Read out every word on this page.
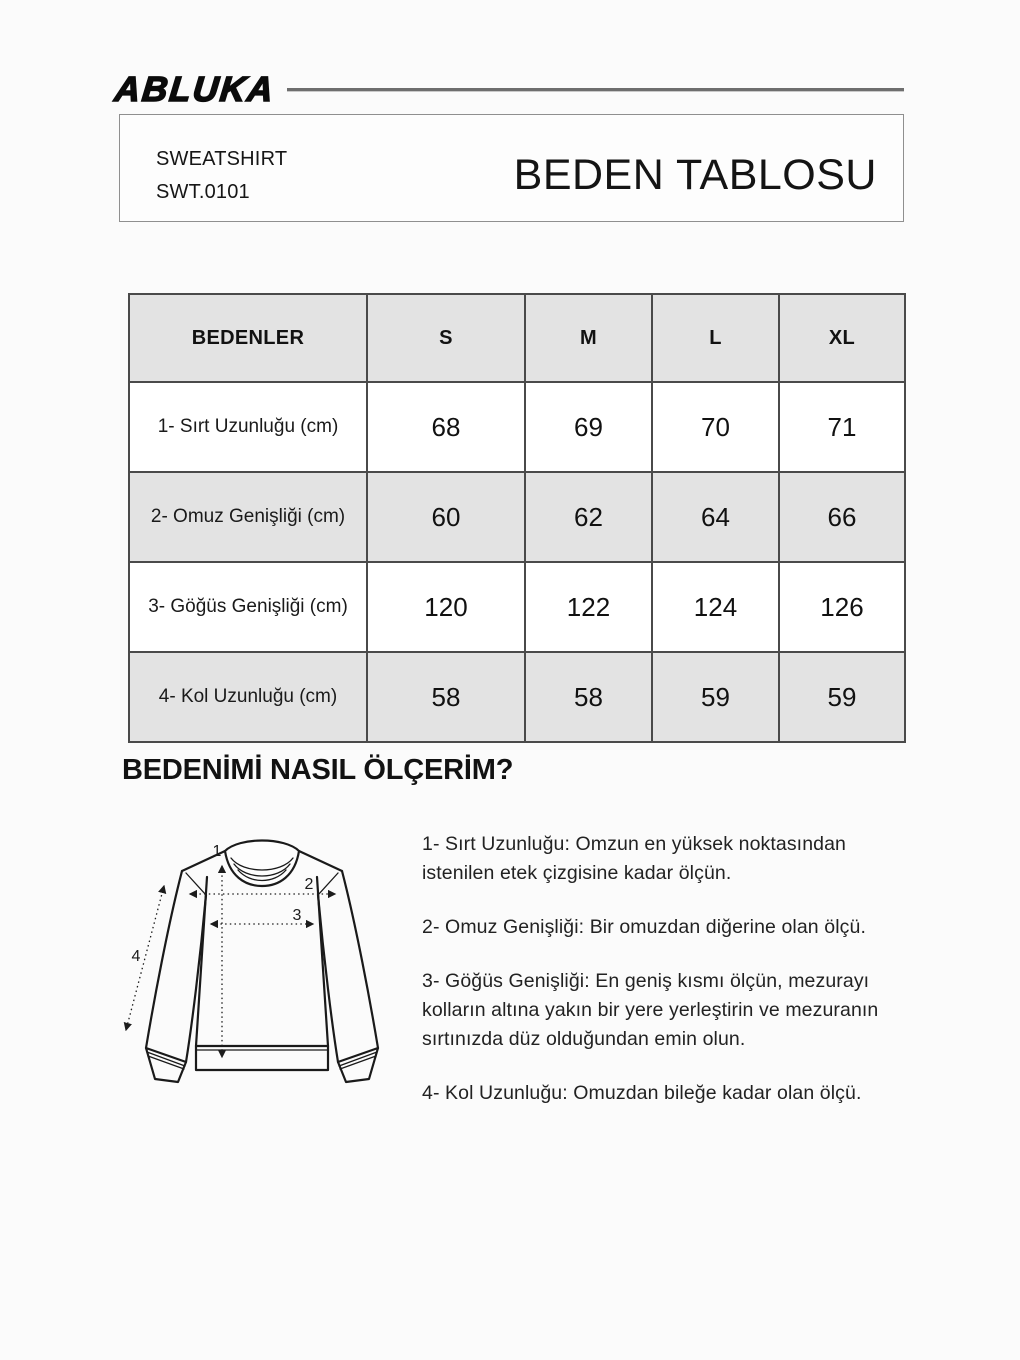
ABLUKA
SWEATSHIRT
SWT.0101	BEDEN TABLOSU
BEDENLER	S	M	L	XL
1- Sırt Uzunluğu (cm)	68	69	70	71
2- Omuz Genişliği (cm)	60	62	64	66
3- Göğüs Genişliği (cm)	120	122	124	126
4- Kol Uzunluğu (cm)	58	58	59	59
BEDENİMİ NASIL ÖLÇERİM?
1
2
3
4

1- Sırt Uzunluğu: Omzun en yüksek noktasından istenilen etek çizgisine kadar ölçün.

2- Omuz Genişliği: Bir omuzdan diğerine olan ölçü.

3- Göğüs Genişliği: En geniş kısmı ölçün, mezurayı kolların altına yakın bir yere yerleştirin ve mezuranın sırtınızda düz olduğundan emin olun.

4- Kol Uzunluğu: Omuzdan bileğe kadar olan ölçü.
